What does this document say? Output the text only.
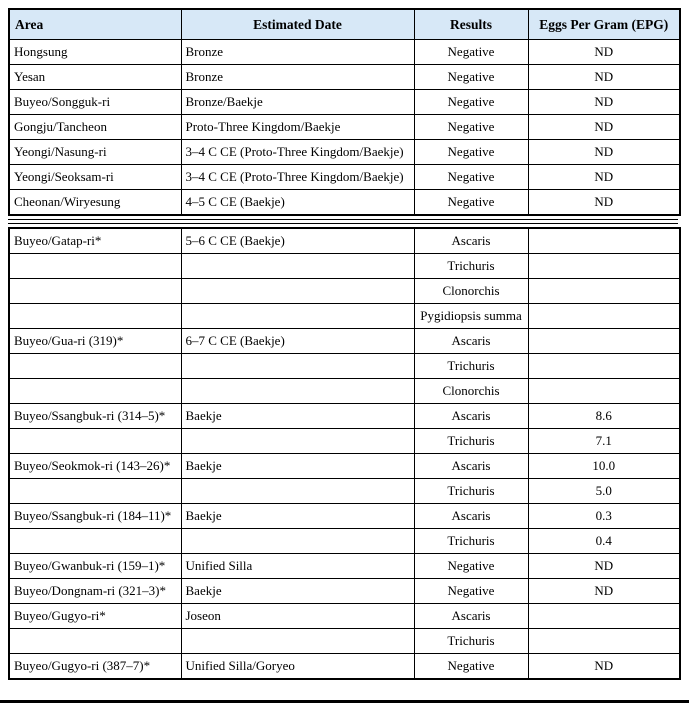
Area	Estimated Date	Results	Eggs Per Gram (EPG)
Hongsung	Bronze	Negative	ND
Yesan	Bronze	Negative	ND
Buyeo/Songguk-ri	Bronze/Baekje	Negative	ND
Gongju/Tancheon	Proto-Three Kingdom/Baekje	Negative	ND
Yeongi/Nasung-ri	3–4 C CE (Proto-Three Kingdom/Baekje)	Negative	ND
Yeongi/Seoksam-ri	3–4 C CE (Proto-Three Kingdom/Baekje)	Negative	ND
Cheonan/Wiryesung	4–5 C CE (Baekje)	Negative	ND
Buyeo/Gatap-ri*	5–6 C CE (Baekje)	Ascaris	
		Trichuris	
		Clonorchis	
		Pygidiopsis summa	
Buyeo/Gua-ri (319)*	6–7 C CE (Baekje)	Ascaris	
		Trichuris	
		Clonorchis	
Buyeo/Ssangbuk-ri (314–5)*	Baekje	Ascaris	8.6
		Trichuris	7.1
Buyeo/Seokmok-ri (143–26)*	Baekje	Ascaris	10.0
		Trichuris	5.0
Buyeo/Ssangbuk-ri (184–11)*	Baekje	Ascaris	0.3
		Trichuris	0.4
Buyeo/Gwanbuk-ri (159–1)*	Unified Silla	Negative	ND
Buyeo/Dongnam-ri (321–3)*	Baekje	Negative	ND
Buyeo/Gugyo-ri*	Joseon	Ascaris	
		Trichuris	
Buyeo/Gugyo-ri (387–7)*	Unified Silla/Goryeo	Negative	ND
